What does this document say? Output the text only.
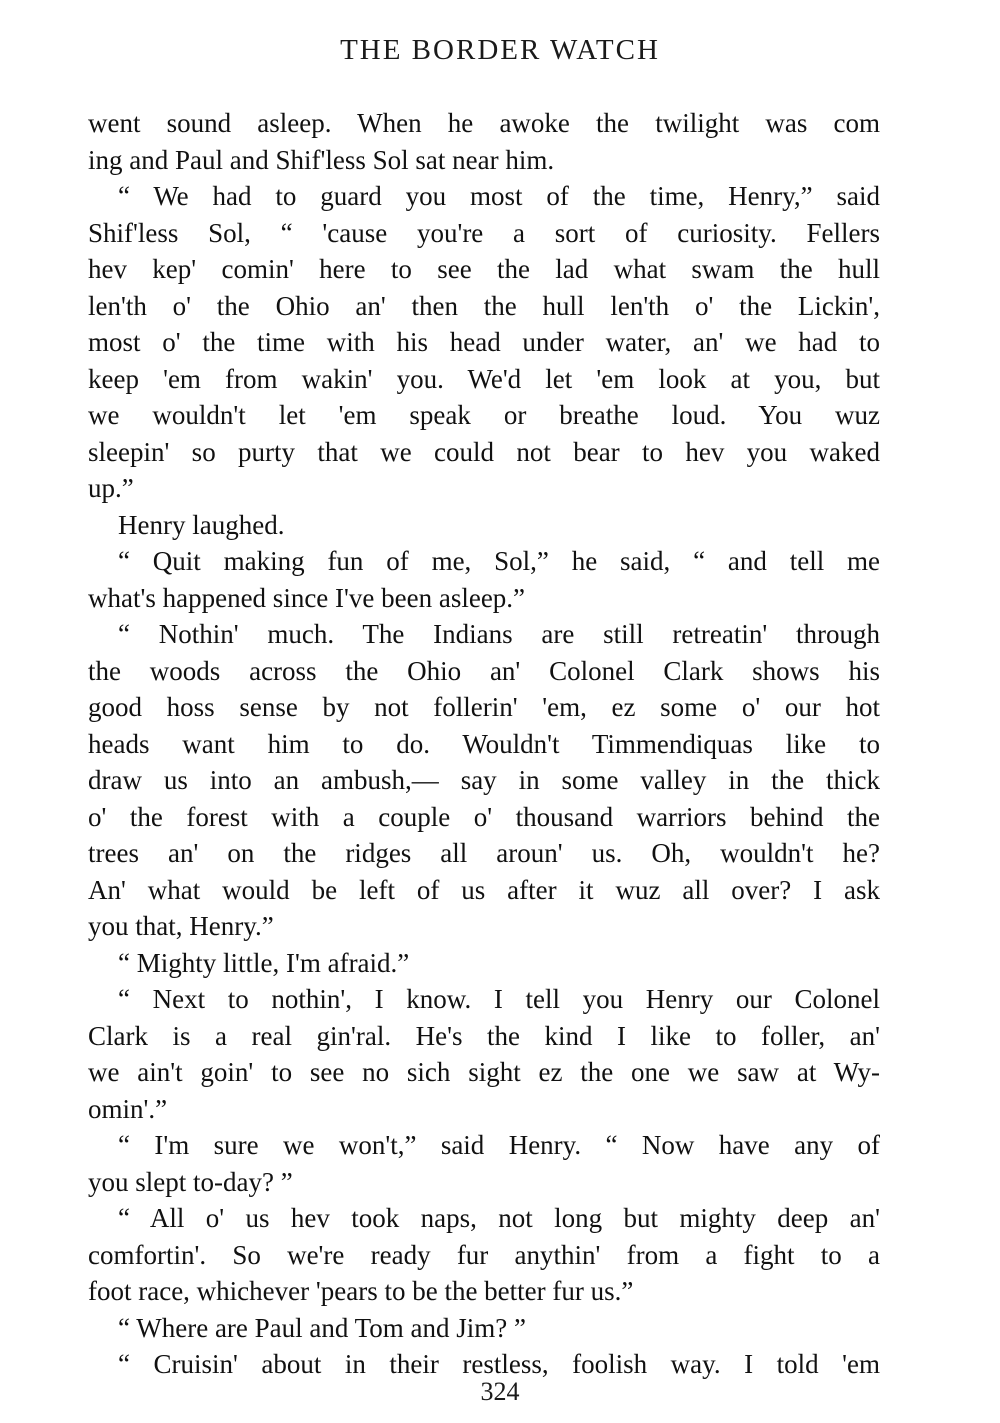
THE BORDER WATCH
went sound asleep. When he awoke the twilight was com
ing and Paul and Shif'less Sol sat near him.
“ We had to guard you most of the time, Henry,” said
Shif'less Sol, “ 'cause you're a sort of curiosity. Fellers
hev kep' comin' here to see the lad what swam the hull
len'th o' the Ohio an' then the hull len'th o' the Lickin',
most o' the time with his head under water, an' we had to
keep 'em from wakin' you. We'd let 'em look at you, but
we wouldn't let 'em speak or breathe loud. You wuz
sleepin' so purty that we could not bear to hev you waked
up.”
Henry laughed.
“ Quit making fun of me, Sol,” he said, “ and tell me
what's happened since I've been asleep.”
“ Nothin' much. The Indians are still retreatin' through
the woods across the Ohio an' Colonel Clark shows his
good hoss sense by not follerin' 'em, ez some o' our hot
heads want him to do. Wouldn't Timmendiquas like to
draw us into an ambush,— say in some valley in the thick
o' the forest with a couple o' thousand warriors behind the
trees an' on the ridges all aroun' us. Oh, wouldn't he?
An' what would be left of us after it wuz all over? I ask
you that, Henry.”
“ Mighty little, I'm afraid.”
“ Next to nothin', I know. I tell you Henry our Colonel
Clark is a real gin'ral. He's the kind I like to foller, an'
we ain't goin' to see no sich sight ez the one we saw at Wy-
omin'.”
“ I'm sure we won't,” said Henry. “ Now have any of
you slept to-day? ”
“ All o' us hev took naps, not long but mighty deep an'
comfortin'. So we're ready fur anythin' from a fight to a
foot race, whichever 'pears to be the better fur us.”
“ Where are Paul and Tom and Jim? ”
“ Cruisin' about in their restless, foolish way. I told 'em
324
